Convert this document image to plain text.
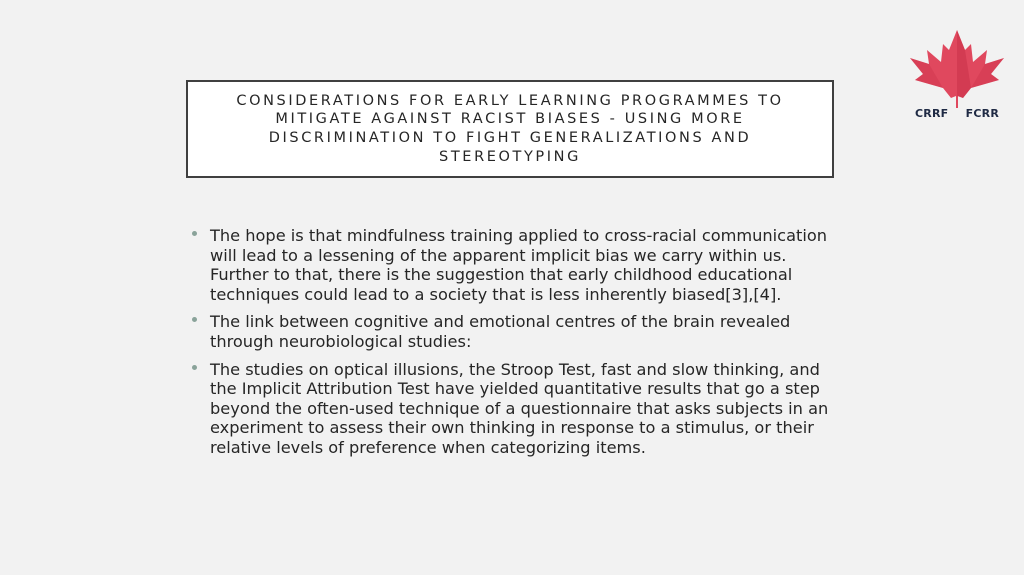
CONSIDERATIONS FOR EARLY LEARNING PROGRAMMES TO MITIGATE AGAINST RACIST BIASES - USING MORE DISCRIMINATION TO FIGHT GENERALIZATIONS AND STEREOTYPING
CRRF FCRR
The hope is that mindfulness training applied to cross-racial communication will lead to a lessening of the apparent implicit bias we carry within us. Further to that, there is the suggestion that early childhood educational techniques could lead to a society that is less inherently biased[3],[4].
The link between cognitive and emotional centres of the brain revealed through neurobiological studies:
The studies on optical illusions, the Stroop Test, fast and slow thinking, and the Implicit Attribution Test have yielded quantitative results that go a step beyond the often-used technique of a questionnaire that asks subjects in an experiment to assess their own thinking in response to a stimulus, or their relative levels of preference when categorizing items.
